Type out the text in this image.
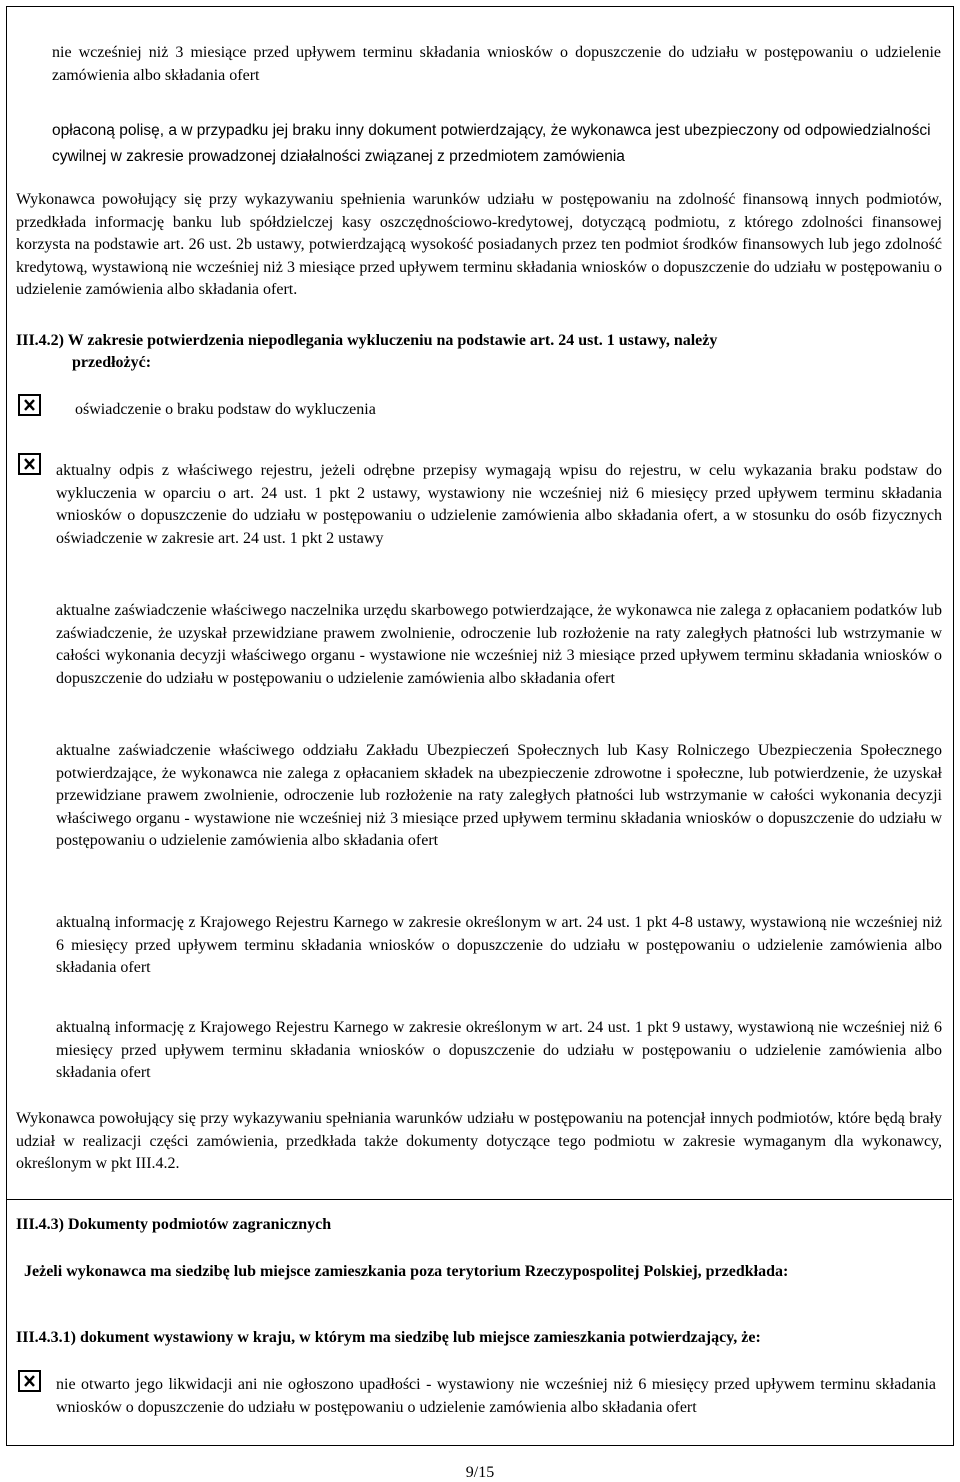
nie wcześniej niż 3 miesiące przed upływem terminu składania wniosków o dopuszczenie do udziału w postępowaniu o udzielenie zamówienia albo składania ofert

opłaconą polisę, a w przypadku jej braku inny dokument potwierdzający, że wykonawca jest ubezpieczony od odpowiedzialności cywilnej w zakresie prowadzonej działalności związanej z przedmiotem zamówienia

Wykonawca powołujący się przy wykazywaniu spełnienia warunków udziału w postępowaniu na zdolność finansową innych podmiotów, przedkłada informację banku lub spółdzielczej kasy oszczędnościowo-kredytowej, dotyczącą podmiotu, z którego zdolności finansowej korzysta na podstawie art. 26 ust. 2b ustawy, potwierdzającą wysokość posiadanych przez ten podmiot środków finansowych lub jego zdolność kredytową, wystawioną nie wcześniej niż 3 miesiące przed upływem terminu składania wniosków o dopuszczenie do udziału w postępowaniu o udzielenie zamówienia albo składania ofert.

III.4.2) W zakresie potwierdzenia niepodlegania wykluczeniu na podstawie art. 24 ust. 1 ustawy, należy
przedłożyć:

oświadczenie o braku podstaw do wykluczenia

aktualny odpis z właściwego rejestru, jeżeli odrębne przepisy wymagają wpisu do rejestru, w celu wykazania braku podstaw do wykluczenia w oparciu o art. 24 ust. 1 pkt 2 ustawy, wystawiony nie wcześniej niż 6 miesięcy przed upływem terminu składania wniosków o dopuszczenie do udziału w postępowaniu o udzielenie zamówienia albo składania ofert, a w stosunku do osób fizycznych oświadczenie w zakresie art. 24 ust. 1 pkt 2 ustawy

aktualne zaświadczenie właściwego naczelnika urzędu skarbowego potwierdzające, że wykonawca nie zalega z opłacaniem podatków lub zaświadczenie, że uzyskał przewidziane prawem zwolnienie, odroczenie lub rozłożenie na raty zaległych płatności lub wstrzymanie w całości wykonania decyzji właściwego organu - wystawione nie wcześniej niż 3 miesiące przed upływem terminu składania wniosków o dopuszczenie do udziału w postępowaniu o udzielenie zamówienia albo składania ofert

aktualne zaświadczenie właściwego oddziału Zakładu Ubezpieczeń Społecznych lub Kasy Rolniczego Ubezpieczenia Społecznego potwierdzające, że wykonawca nie zalega z opłacaniem składek na ubezpieczenie zdrowotne i społeczne, lub potwierdzenie, że uzyskał przewidziane prawem zwolnienie, odroczenie lub rozłożenie na raty zaległych płatności lub wstrzymanie w całości wykonania decyzji właściwego organu - wystawione nie wcześniej niż 3 miesiące przed upływem terminu składania wniosków o dopuszczenie do udziału w postępowaniu o udzielenie zamówienia albo składania ofert

aktualną informację z Krajowego Rejestru Karnego w zakresie określonym w art. 24 ust. 1 pkt 4-8 ustawy, wystawioną nie wcześniej niż 6 miesięcy przed upływem terminu składania wniosków o dopuszczenie do udziału w postępowaniu o udzielenie zamówienia albo składania ofert

aktualną informację z Krajowego Rejestru Karnego w zakresie określonym w art. 24 ust. 1 pkt 9 ustawy, wystawioną nie wcześniej niż 6 miesięcy przed upływem terminu składania wniosków o dopuszczenie do udziału w postępowaniu o udzielenie zamówienia albo składania ofert

Wykonawca powołujący się przy wykazywaniu spełniania warunków udziału w postępowaniu na potencjał innych podmiotów, które będą brały udział w realizacji części zamówienia, przedkłada także dokumenty dotyczące tego podmiotu w zakresie wymaganym dla wykonawcy, określonym w pkt III.4.2.

III.4.3) Dokumenty podmiotów zagranicznych

Jeżeli wykonawca ma siedzibę lub miejsce zamieszkania poza terytorium Rzeczypospolitej Polskiej, przedkłada:

III.4.3.1) dokument wystawiony w kraju, w którym ma siedzibę lub miejsce zamieszkania potwierdzający, że:

nie otwarto jego likwidacji ani nie ogłoszono upadłości - wystawiony nie wcześniej niż 6 miesięcy przed upływem terminu składania wniosków o dopuszczenie do udziału w postępowaniu o udzielenie zamówienia albo składania ofert

9/15
